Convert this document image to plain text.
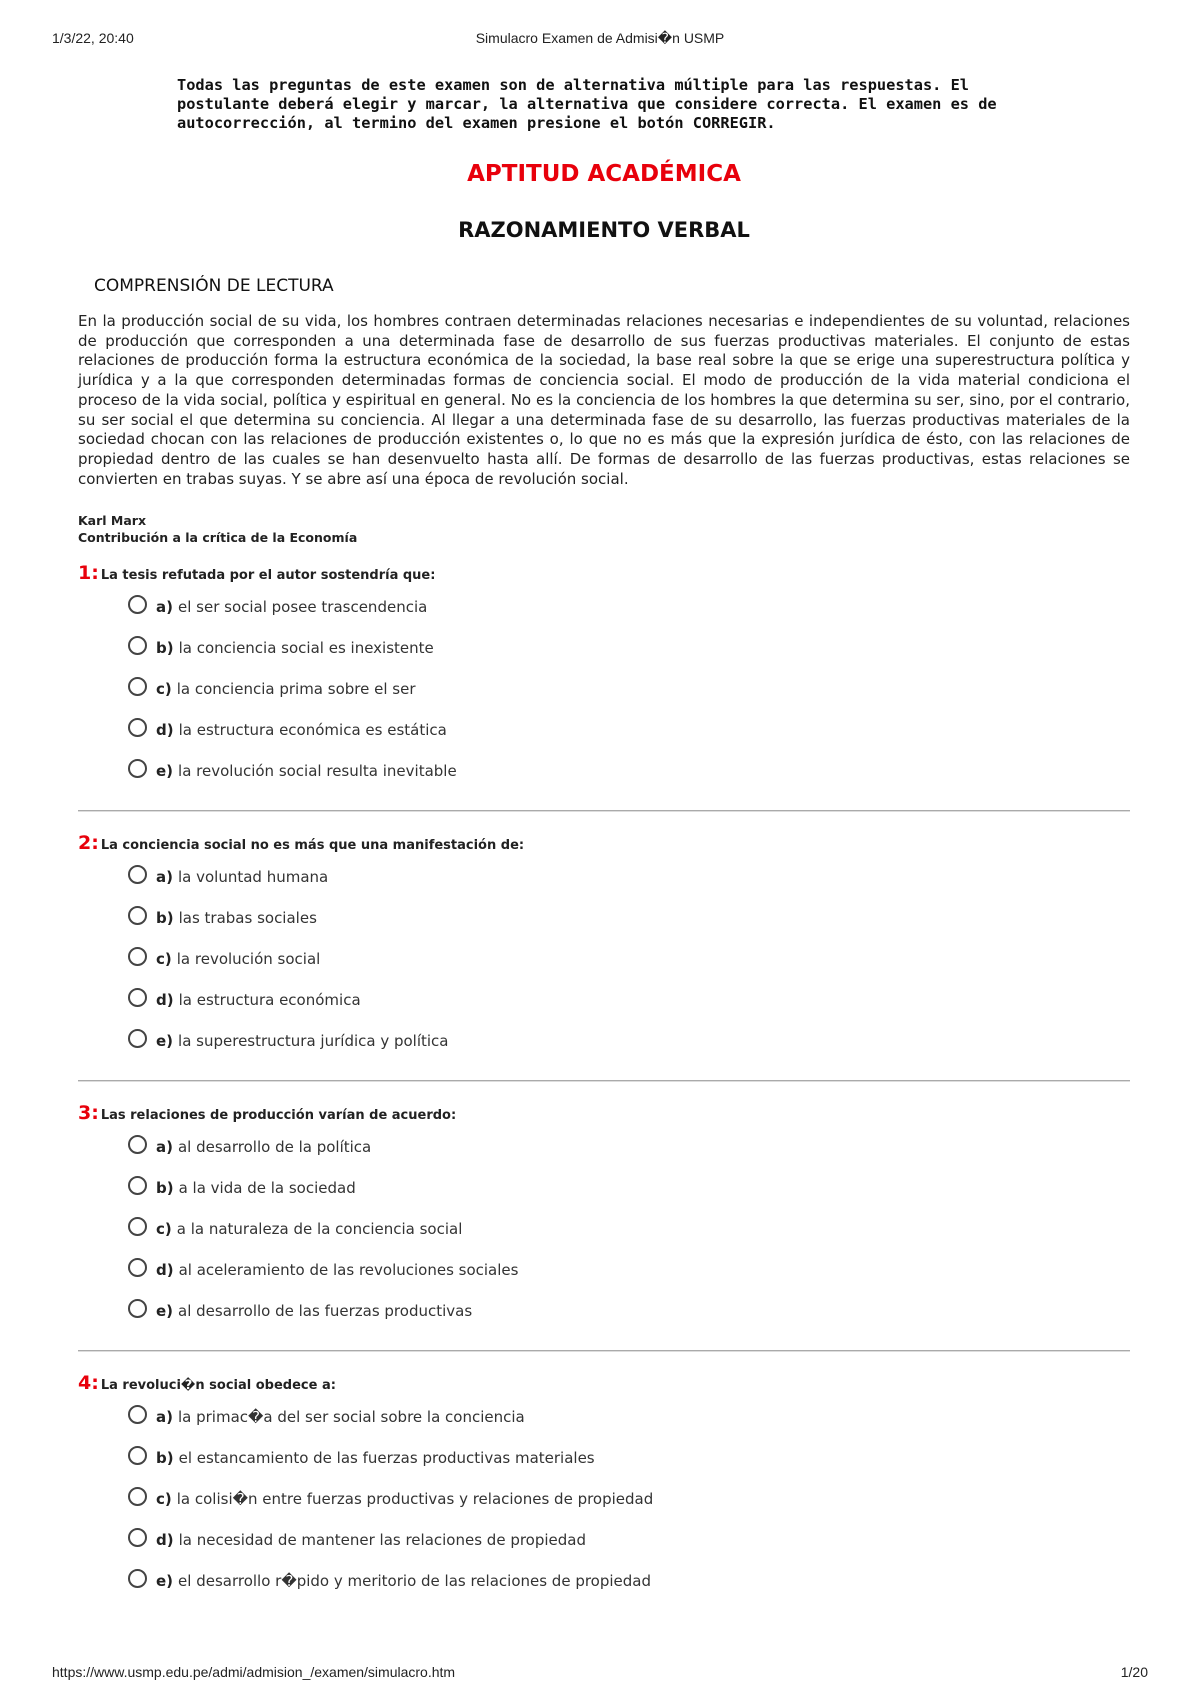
1/3/22, 20:40	Simulacro Examen de Admisi�n USMP
Todas las preguntas de este examen son de alternativa múltiple para las respuestas. El postulante deberá elegir y marcar, la alternativa que considere correcta. El examen es de autocorrección, al termino del examen presione el botón CORREGIR.
APTITUD ACADÉMICA
RAZONAMIENTO VERBAL
COMPRENSIÓN DE LECTURA
En la producción social de su vida, los hombres contraen determinadas relaciones necesarias e independientes de su voluntad, relaciones de producción que corresponden a una determinada fase de desarrollo de sus fuerzas productivas materiales. El conjunto de estas relaciones de producción forma la estructura económica de la sociedad, la base real sobre la que se erige una superestructura política y jurídica y a la que corresponden determinadas formas de conciencia social. El modo de producción de la vida material condiciona el proceso de la vida social, política y espiritual en general. No es la conciencia de los hombres la que determina su ser, sino, por el contrario, su ser social el que determina su conciencia. Al llegar a una determinada fase de su desarrollo, las fuerzas productivas materiales de la sociedad chocan con las relaciones de producción existentes o, lo que no es más que la expresión jurídica de ésto, con las relaciones de propiedad dentro de las cuales se han desenvuelto hasta allí. De formas de desarrollo de las fuerzas productivas, estas relaciones se convierten en trabas suyas. Y se abre así una época de revolución social.
Karl Marx
Contribución a la crítica de la Economía
1: La tesis refutada por el autor sostendría que:
a) el ser social posee trascendencia
b) la conciencia social es inexistente
c) la conciencia prima sobre el ser
d) la estructura económica es estática
e) la revolución social resulta inevitable
2: La conciencia social no es más que una manifestación de:
a) la voluntad humana
b) las trabas sociales
c) la revolución social
d) la estructura económica
e) la superestructura jurídica y política
3: Las relaciones de producción varían de acuerdo:
a) al desarrollo de la política
b) a la vida de la sociedad
c) a la naturaleza de la conciencia social
d) al aceleramiento de las revoluciones sociales
e) al desarrollo de las fuerzas productivas
4: La revoluci�n social obedece a:
a) la primac�a del ser social sobre la conciencia
b) el estancamiento de las fuerzas productivas materiales
c) la colisi�n entre fuerzas productivas y relaciones de propiedad
d) la necesidad de mantener las relaciones de propiedad
e) el desarrollo r�pido y meritorio de las relaciones de propiedad
https://www.usmp.edu.pe/admi/admision_/examen/simulacro.htm	1/20
